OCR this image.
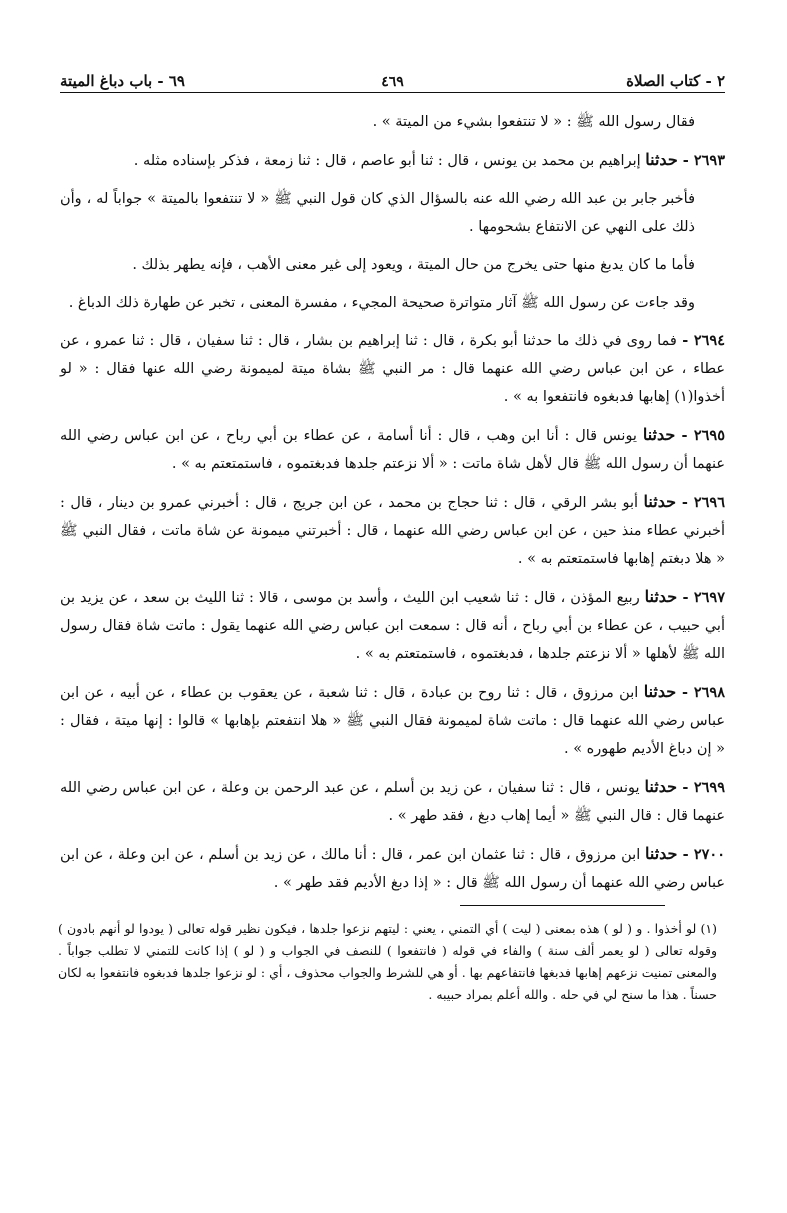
٢ - كتاب الصلاة
٤٦٩
٦٩ - باب دباغ الميتة

فقال رسول الله ﷺ : « لا تنتفعوا بشيء من الميتة » .

٢٦٩٣ - حدثنا إبراهيم بن محمد بن يونس ، قال : ثنا أبو عاصم ، قال : ثنا زمعة ، فذكر بإسناده مثله .

فأخبر جابر بن عبد الله رضي الله عنه بالسؤال الذي كان قول النبي ﷺ « لا تنتفعوا بالميتة » جواباً له ، وأن ذلك على النهي عن الانتفاع بشحومها .

فأما ما كان يدبغ منها حتى يخرج من حال الميتة ، ويعود إلى غير معنى الأهب ، فإنه يطهر بذلك .

وقد جاءت عن رسول الله ﷺ آثار متواترة صحيحة المجيء ، مفسرة المعنى ، تخبر عن طهارة ذلك الدباغ .

٢٦٩٤ - فما روى في ذلك ما حدثنا أبو بكرة ، قال : ثنا إبراهيم بن بشار ، قال : ثنا سفيان ، قال : ثنا عمرو ، عن عطاء ، عن ابن عباس رضي الله عنهما قال : مر النبي ﷺ بشاة ميتة لميمونة رضي الله عنها فقال : « لو أخذوا(١) إهابها فدبغوه فانتفعوا به » .

٢٦٩٥ - حدثنا يونس قال : أنا ابن وهب ، قال : أنا أسامة ، عن عطاء بن أبي رباح ، عن ابن عباس رضي الله عنهما أن رسول الله ﷺ قال لأهل شاة ماتت : « ألا نزعتم جلدها فدبغتموه ، فاستمتعتم به » .

٢٦٩٦ - حدثنا أبو بشر الرقي ، قال : ثنا حجاج بن محمد ، عن ابن جريج ، قال : أخبرني عمرو بن دينار ، قال : أخبرني عطاء منذ حين ، عن ابن عباس رضي الله عنهما ، قال : أخبرتني ميمونة عن شاة ماتت ، فقال النبي ﷺ « هلا دبغتم إهابها فاستمتعتم به » .

٢٦٩٧ - حدثنا ربيع المؤذن ، قال : ثنا شعيب ابن الليث ، وأسد بن موسى ، قالا : ثنا الليث بن سعد ، عن يزيد بن أبي حبيب ، عن عطاء بن أبي رباح ، أنه قال : سمعت ابن عباس رضي الله عنهما يقول : ماتت شاة فقال رسول الله ﷺ لأهلها « ألا نزعتم جلدها ، فدبغتموه ، فاستمتعتم به » .

٢٦٩٨ - حدثنا ابن مرزوق ، قال : ثنا روح بن عبادة ، قال : ثنا شعبة ، عن يعقوب بن عطاء ، عن أبيه ، عن ابن عباس رضي الله عنهما قال : ماتت شاة لميمونة فقال النبي ﷺ « هلا انتفعتم بإهابها » قالوا : إنها ميتة ، فقال : « إن دباغ الأديم طهوره » .

٢٦٩٩ - حدثنا يونس ، قال : ثنا سفيان ، عن زيد بن أسلم ، عن عبد الرحمن بن وعلة ، عن ابن عباس رضي الله عنهما قال : قال النبي ﷺ « أيما إهاب دبغ ، فقد طهر » .

٢٧٠٠ - حدثنا ابن مرزوق ، قال : ثنا عثمان ابن عمر ، قال : أنا مالك ، عن زيد بن أسلم ، عن ابن وعلة ، عن ابن عباس رضي الله عنهما أن رسول الله ﷺ قال : « إذا دبغ الأديم فقد طهر » .

(١) لو أخذوا . و ( لو ) هذه بمعنى ( ليت ) أي التمني ، يعني : ليتهم نزعوا جلدها ، فيكون نظير قوله تعالى ( يودوا لو أنهم بادون ) وقوله تعالى ( لو يعمر ألف سنة ) والفاء في قوله ( فانتفعوا ) للنصف في الجواب و ( لو ) إذا كانت للتمني لا تطلب جواباً . والمعنى تمنيت نزعهم إهابها فدبغها فانتفاعهم بها . أو هي للشرط والجواب محذوف ، أي : لو نزعوا جلدها فدبغوه فانتفعوا به لكان حسناً . هذا ما سنح لي في حله . والله أعلم بمراد حبيبه .
